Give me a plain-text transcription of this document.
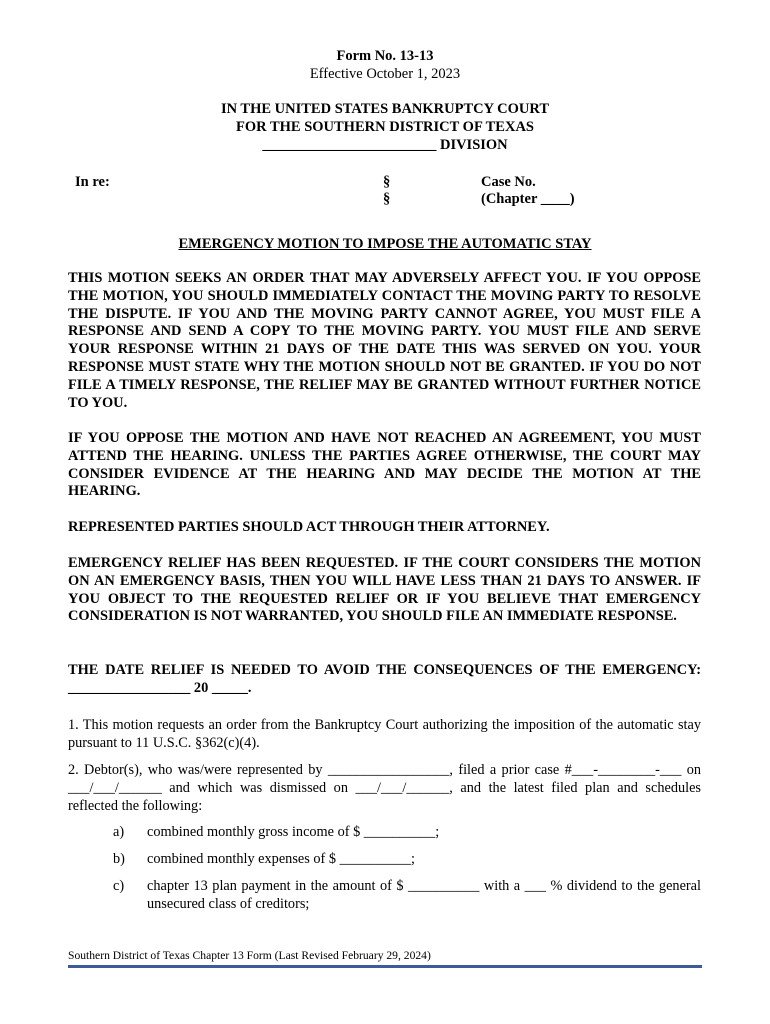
Form No. 13-13
Effective October 1, 2023
IN THE UNITED STATES BANKRUPTCY COURT
FOR THE SOUTHERN DISTRICT OF TEXAS
________________________ DIVISION
In re:	§
§
Case No.
(Chapter ____)
EMERGENCY MOTION TO IMPOSE THE AUTOMATIC STAY
THIS MOTION SEEKS AN ORDER THAT MAY ADVERSELY AFFECT YOU. IF YOU OPPOSE THE MOTION, YOU SHOULD IMMEDIATELY CONTACT THE MOVING PARTY TO RESOLVE THE DISPUTE. IF YOU AND THE MOVING PARTY CANNOT AGREE, YOU MUST FILE A RESPONSE AND SEND A COPY TO THE MOVING PARTY. YOU MUST FILE AND SERVE YOUR RESPONSE WITHIN 21 DAYS OF THE DATE THIS WAS SERVED ON YOU. YOUR RESPONSE MUST STATE WHY THE MOTION SHOULD NOT BE GRANTED. IF YOU DO NOT FILE A TIMELY RESPONSE, THE RELIEF MAY BE GRANTED WITHOUT FURTHER NOTICE TO YOU.
IF YOU OPPOSE THE MOTION AND HAVE NOT REACHED AN AGREEMENT, YOU MUST ATTEND THE HEARING. UNLESS THE PARTIES AGREE OTHERWISE, THE COURT MAY CONSIDER EVIDENCE AT THE HEARING AND MAY DECIDE THE MOTION AT THE HEARING.
REPRESENTED PARTIES SHOULD ACT THROUGH THEIR ATTORNEY.
EMERGENCY RELIEF HAS BEEN REQUESTED. IF THE COURT CONSIDERS THE MOTION ON AN EMERGENCY BASIS, THEN YOU WILL HAVE LESS THAN 21 DAYS TO ANSWER. IF YOU OBJECT TO THE REQUESTED RELIEF OR IF YOU BELIEVE THAT EMERGENCY CONSIDERATION IS NOT WARRANTED, YOU SHOULD FILE AN IMMEDIATE RESPONSE.
THE DATE RELIEF IS NEEDED TO AVOID THE CONSEQUENCES OF THE EMERGENCY: _________________ 20 _____.
1. This motion requests an order from the Bankruptcy Court authorizing the imposition of the automatic stay pursuant to 11 U.S.C. §362(c)(4).
2. Debtor(s), who was/were represented by _________________, filed a prior case #___-________-___ on ___/___/______ and which was dismissed on ___/___/______, and the latest filed plan and schedules reflected the following:
a) combined monthly gross income of $ __________;
b) combined monthly expenses of $ __________;
c) chapter 13 plan payment in the amount of $ __________ with a ___ % dividend to the general unsecured class of creditors;
Southern District of Texas Chapter 13 Form (Last Revised February 29, 2024)
